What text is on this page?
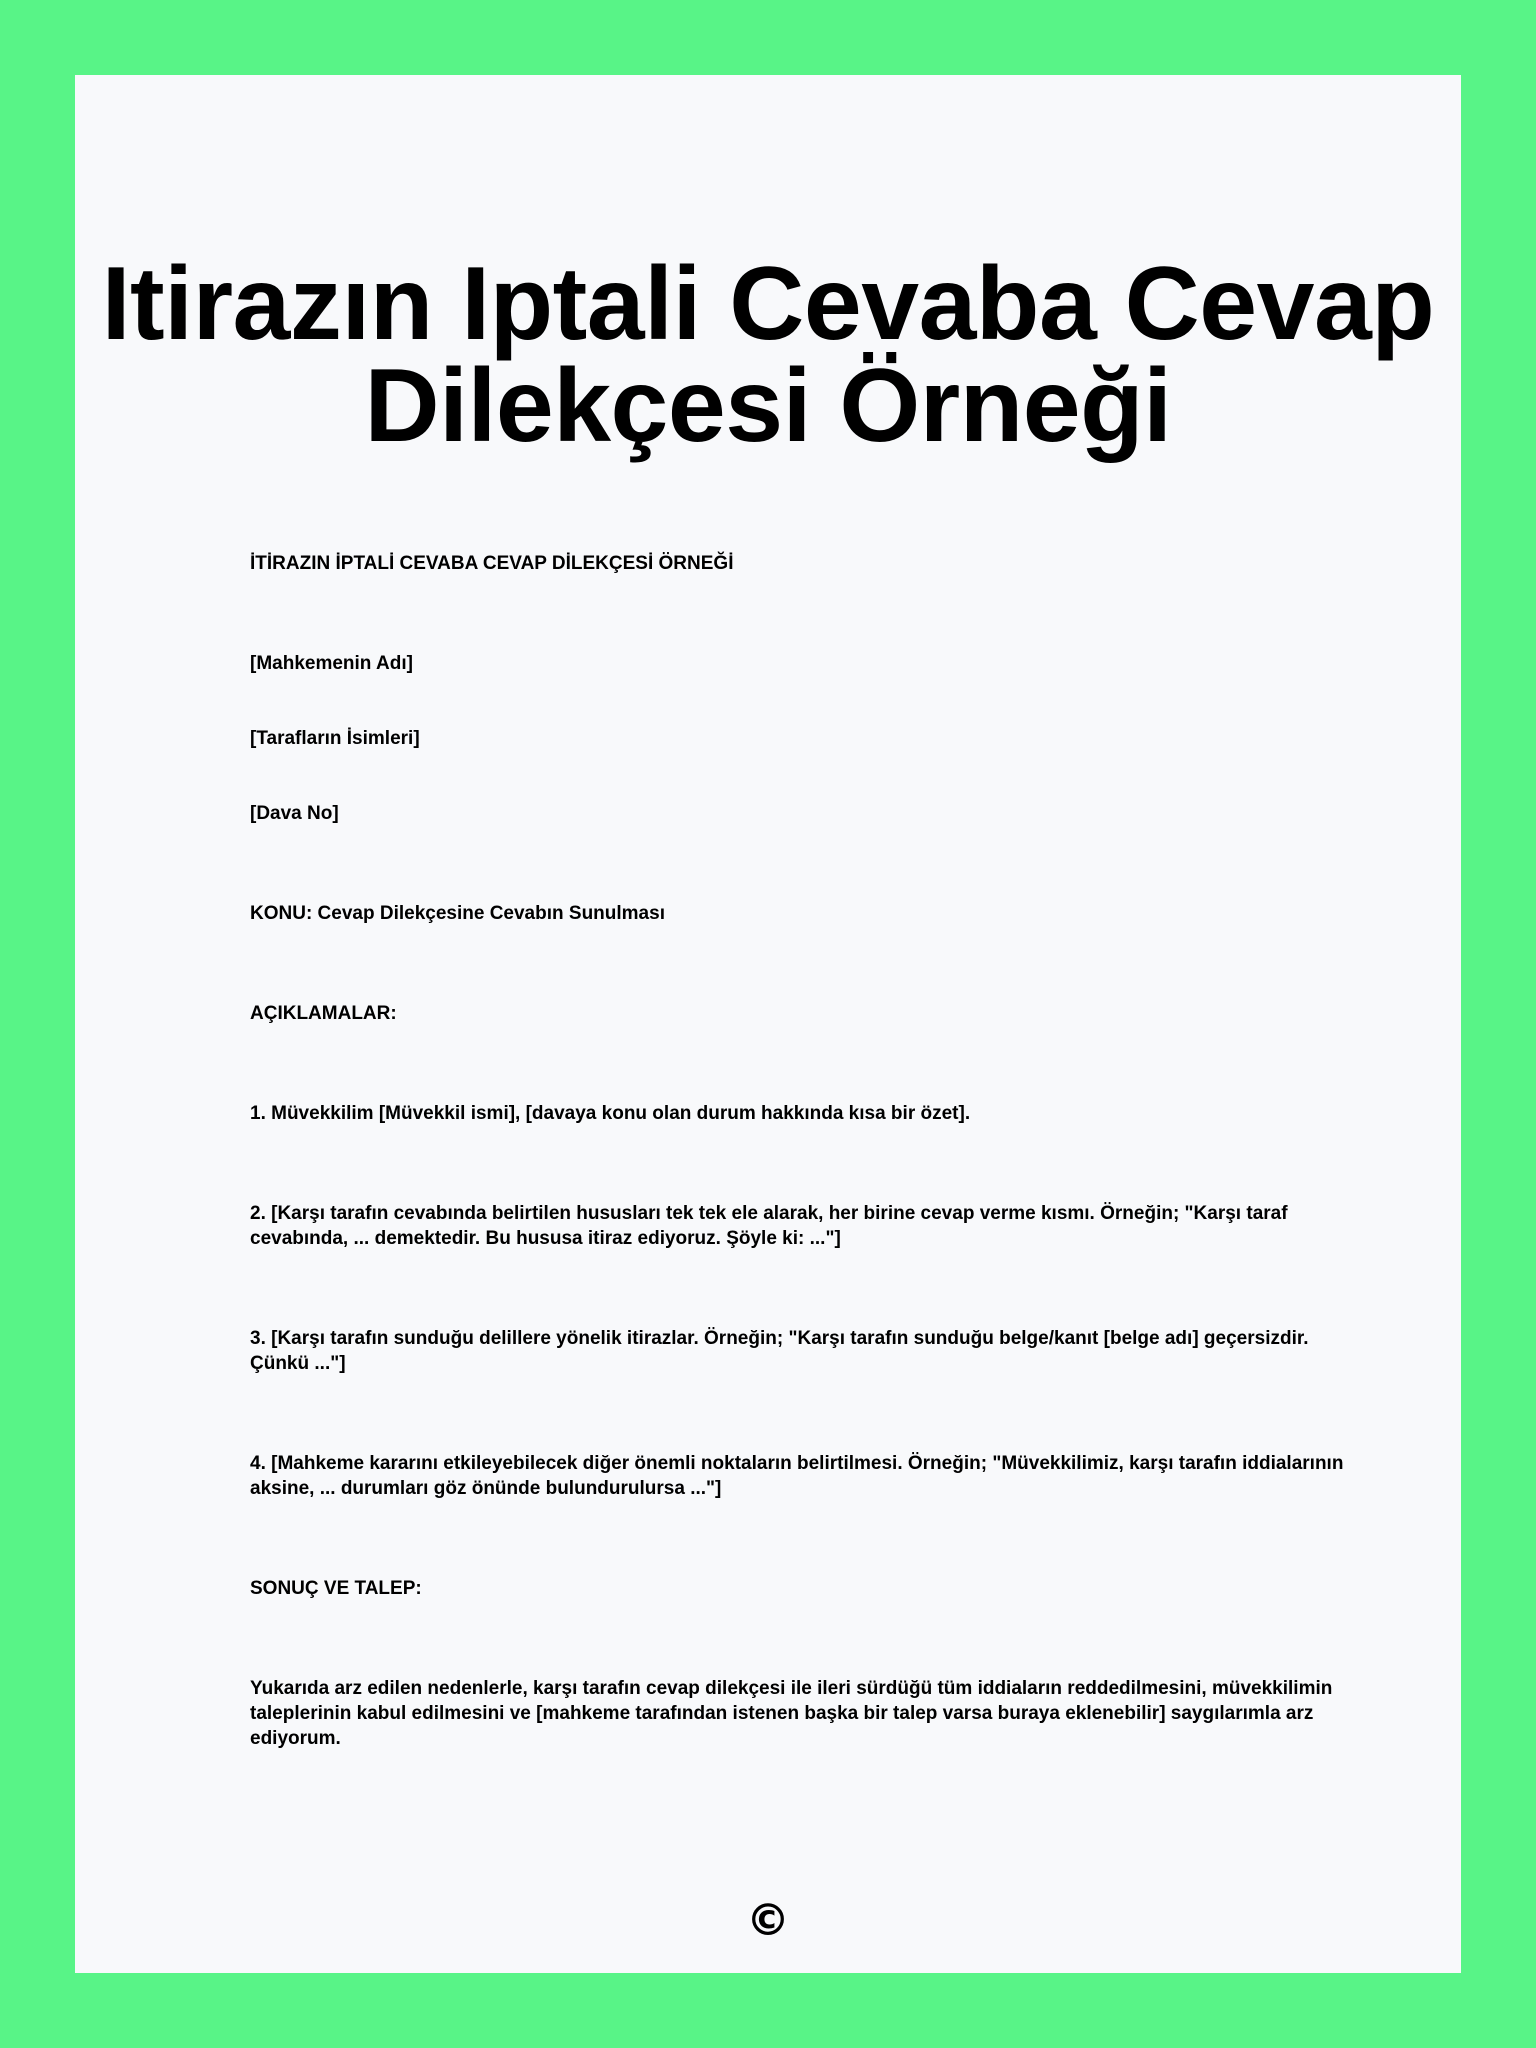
Itirazın Iptali Cevaba Cevap Dilekçesi Örneği

İTİRAZIN İPTALİ CEVABA CEVAP DİLEKÇESİ ÖRNEĞİ

[Mahkemenin Adı]

[Tarafların İsimleri]

[Dava No]

KONU: Cevap Dilekçesine Cevabın Sunulması

AÇIKLAMALAR:

1. Müvekkilim [Müvekkil ismi], [davaya konu olan durum hakkında kısa bir özet].

2. [Karşı tarafın cevabında belirtilen hususları tek tek ele alarak, her birine cevap verme kısmı. Örneğin; "Karşı taraf cevabında, ... demektedir. Bu hususa itiraz ediyoruz. Şöyle ki: ..."]

3. [Karşı tarafın sunduğu delillere yönelik itirazlar. Örneğin; "Karşı tarafın sunduğu belge/kanıt [belge adı] geçersizdir. Çünkü ..."]

4. [Mahkeme kararını etkileyebilecek diğer önemli noktaların belirtilmesi. Örneğin; "Müvekkilimiz, karşı tarafın iddialarının aksine, ... durumları göz önünde bulundurulursa ..."]

SONUÇ VE TALEP:

Yukarıda arz edilen nedenlerle, karşı tarafın cevap dilekçesi ile ileri sürdüğü tüm iddiaların reddedilmesini, müvekkilimin taleplerinin kabul edilmesini ve [mahkeme tarafından istenen başka bir talep varsa buraya eklenebilir] saygılarımla arz ediyorum.

©
